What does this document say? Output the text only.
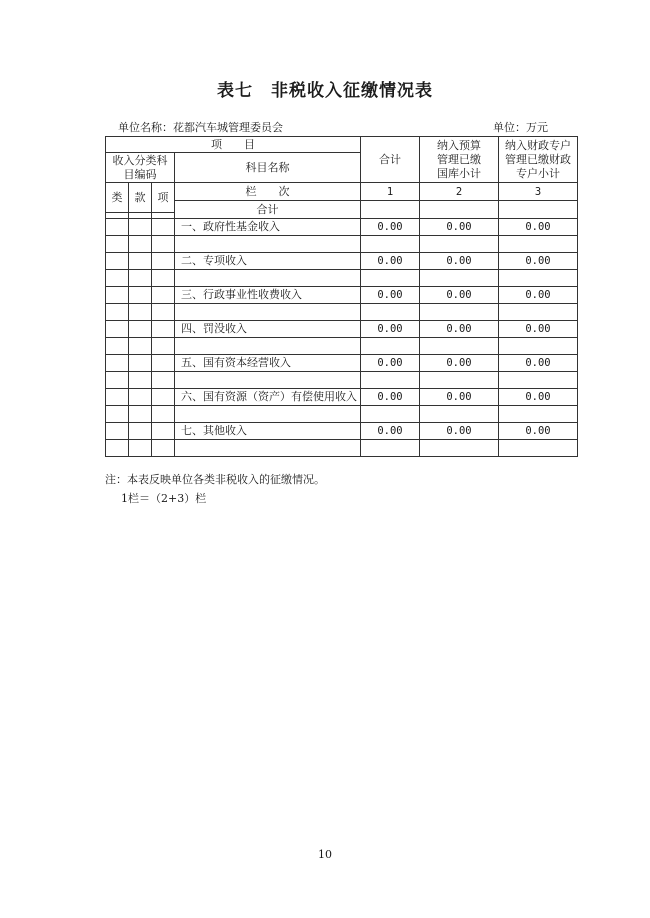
表七　非税收入征缴情况表
单位名称：花都汽车城管理委员会	单位：万元
项　　目				合计	纳入预算管理已缴国库小计	纳入财政专户管理已缴财政专户小计
收入分类科目编码			科目名称			

类	款	项	栏　　次	1	2	3
			合计			

			一、政府性基金收入	0.00	0.00	0.00

			二、专项收入	0.00	0.00	0.00

			三、行政事业性收费收入	0.00	0.00	0.00

			四、罚没收入	0.00	0.00	0.00

			五、国有资本经营收入	0.00	0.00	0.00

			六、国有资源（资产）有偿使用收入	0.00	0.00	0.00

			七、其他收入	0.00	0.00	0.00

注：本表反映单位各类非税收入的征缴情况。
1栏＝（2+3）栏
10
